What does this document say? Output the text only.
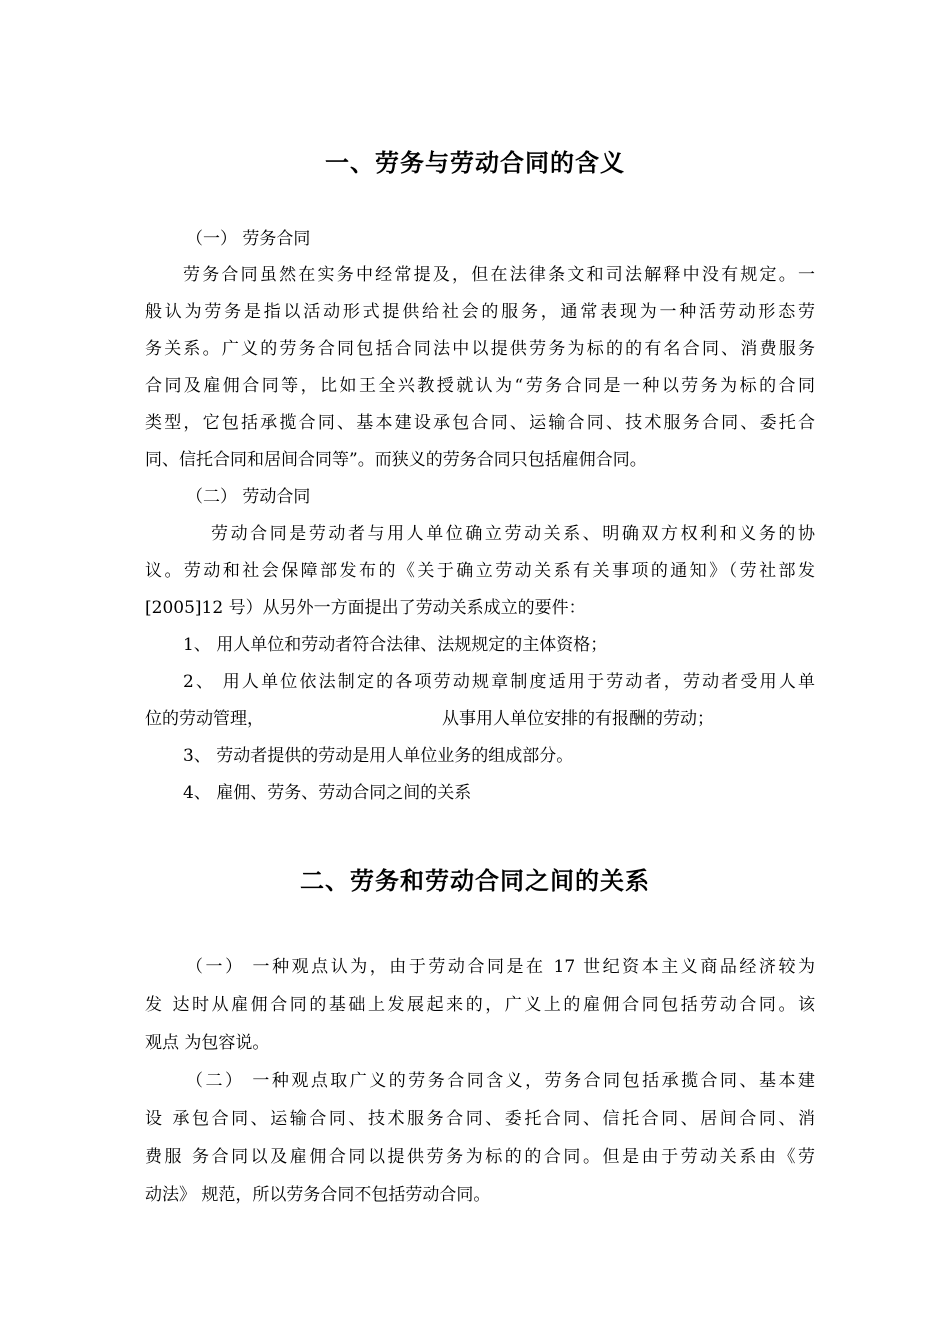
一、劳务与劳动合同的含义
（一） 劳务合同
劳务合同虽然在实务中经常提及，但在法律条文和司法解释中没有规定。一
般认为劳务是指以活动形式提供给社会的服务，通常表现为一种活劳动形态劳
务关系。广义的劳务合同包括合同法中以提供劳务为标的的有名合同、消费服务
合同及雇佣合同等，比如王全兴教授就认为“劳务合同是一种以劳务为标的合同
类型，它包括承揽合同、基本建设承包合同、运输合同、技术服务合同、委托合
同、信托合同和居间合同等”。而狭义的劳务合同只包括雇佣合同。
（二） 劳动合同
劳动合同是劳动者与用人单位确立劳动关系、明确双方权利和义务的协
议。劳动和社会保障部发布的《关于确立劳动关系有关事项的通知》（劳社部发
[2005]12 号）从另外一方面提出了劳动关系成立的要件：
1、 用人单位和劳动者符合法律、法规规定的主体资格；
2、 用人单位依法制定的各项劳动规章制度适用于劳动者，劳动者受用人单
位的劳动管理，	从事用人单位安排的有报酬的劳动；
3、 劳动者提供的劳动是用人单位业务的组成部分。
4、 雇佣、劳务、劳动合同之间的关系
二、劳务和劳动合同之间的关系
（一） 一种观点认为，由于劳动合同是在 17 世纪资本主义商品经济较为
发 达时从雇佣合同的基础上发展起来的，广义上的雇佣合同包括劳动合同。该
观点 为包容说。
（二） 一种观点取广义的劳务合同含义，劳务合同包括承揽合同、基本建
设 承包合同、运输合同、技术服务合同、委托合同、信托合同、居间合同、消
费服 务合同以及雇佣合同以提供劳务为标的的合同。但是由于劳动关系由《劳
动法》 规范，所以劳务合同不包括劳动合同。
